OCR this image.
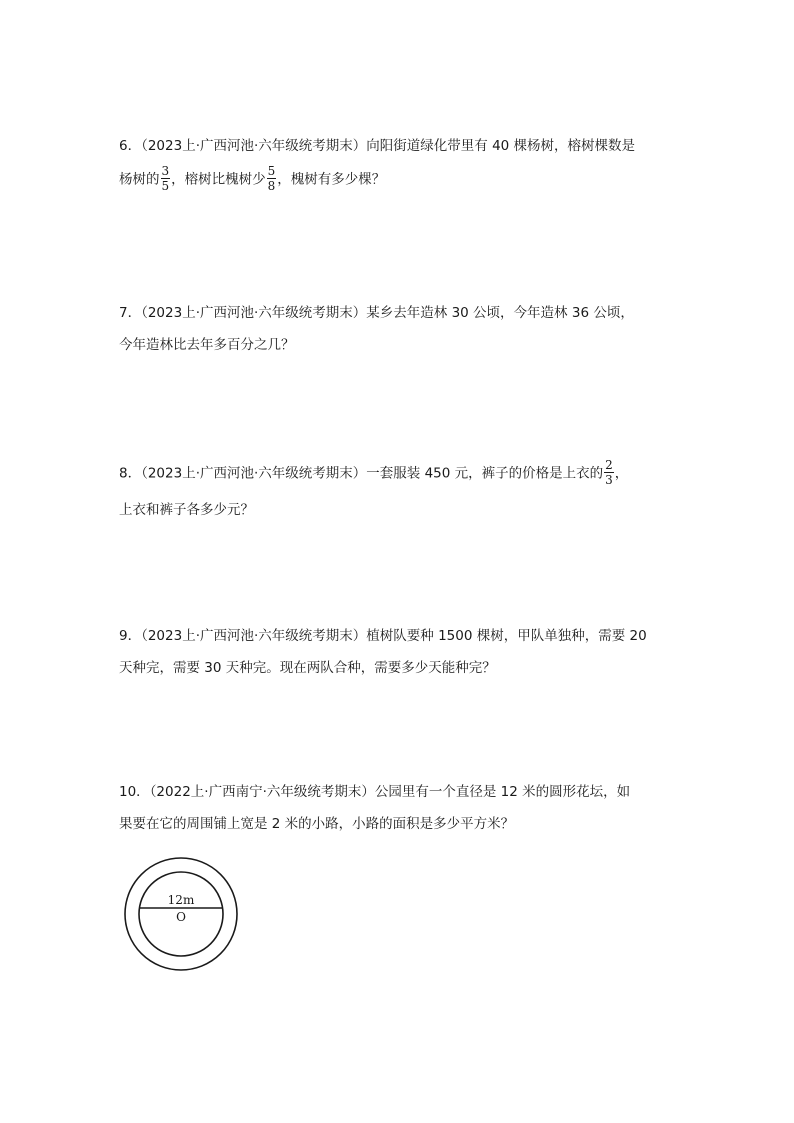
6．（2023上·广西河池·六年级统考期末）向阳街道绿化带里有 40 棵杨树，榕树棵数是
杨树的 $\frac{3}{5}$ ，榕树比槐树少 $\frac{5}{8}$ ，槐树有多少棵？
7．（2023上·广西河池·六年级统考期末）某乡去年造林 30 公顷，今年造林 36 公顷，
今年造林比去年多百分之几？
8．（2023上·广西河池·六年级统考期末）一套服装 450 元，裤子的价格是上衣的 $\frac{2}{3}$ ，
上衣和裤子各多少元？
9．（2023上·广西河池·六年级统考期末）植树队要种 1500 棵树，甲队单独种，需要 20
天种完，需要 30 天种完。现在两队合种，需要多少天能种完？
10．（2022上·广西南宁·六年级统考期末）公园里有一个直径是 12 米的圆形花坛，如
果要在它的周围铺上宽是 2 米的小路，小路的面积是多少平方米？
12m
O
